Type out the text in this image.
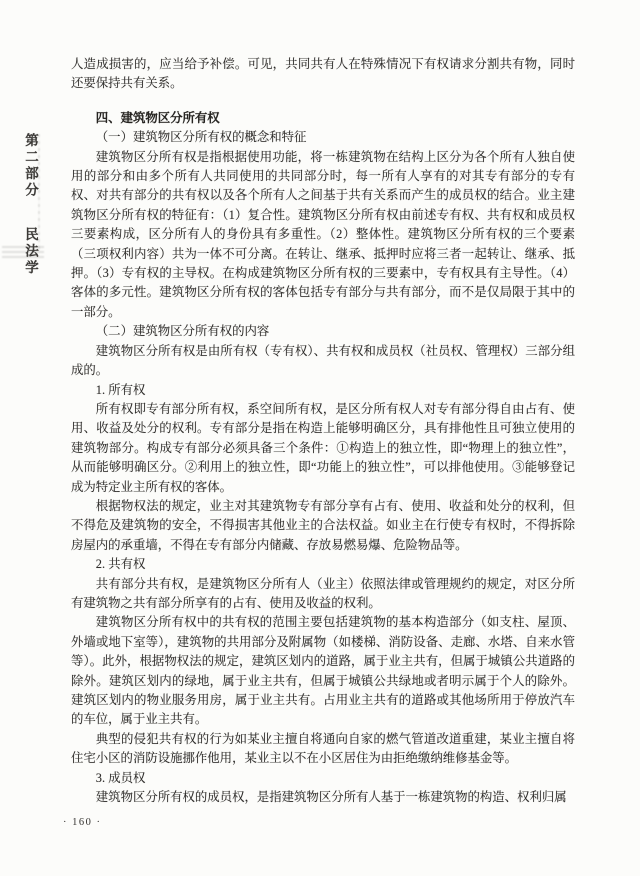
第二部分 民法学

人造成损害的，应当给予补偿。可见，共同共有人在特殊情况下有权请求分割共有物，同时还要保持共有关系。

四、建筑物区分所有权

（一）建筑物区分所有权的概念和特征

建筑物区分所有权是指根据使用功能，将一栋建筑物在结构上区分为各个所有人独自使用的部分和由多个所有人共同使用的共同部分时，每一所有人享有的对其专有部分的专有权、对共有部分的共有权以及各个所有人之间基于共有关系而产生的成员权的结合。业主建筑物区分所有权的特征有：（1）复合性。建筑物区分所有权由前述专有权、共有权和成员权三要素构成，区分所有人的身份具有多重性。（2）整体性。建筑物区分所有权的三个要素（三项权利内容）共为一体不可分离。在转让、继承、抵押时应将三者一起转让、继承、抵押。（3）专有权的主导权。在构成建筑物区分所有权的三要素中，专有权具有主导性。（4）客体的多元性。建筑物区分所有权的客体包括专有部分与共有部分，而不是仅局限于其中的一部分。

（二）建筑物区分所有权的内容

建筑物区分所有权是由所有权（专有权）、共有权和成员权（社员权、管理权）三部分组成的。

1. 所有权

所有权即专有部分所有权，系空间所有权，是区分所有权人对专有部分得自由占有、使用、收益及处分的权利。专有部分是指在构造上能够明确区分，具有排他性且可独立使用的建筑物部分。构成专有部分必须具备三个条件：①构造上的独立性，即“物理上的独立性”，从而能够明确区分。②利用上的独立性，即“功能上的独立性”，可以排他使用。③能够登记成为特定业主所有权的客体。

根据物权法的规定，业主对其建筑物专有部分享有占有、使用、收益和处分的权利，但不得危及建筑物的安全，不得损害其他业主的合法权益。如业主在行使专有权时，不得拆除房屋内的承重墙，不得在专有部分内储藏、存放易燃易爆、危险物品等。

2. 共有权

共有部分共有权，是建筑物区分所有人（业主）依照法律或管理规约的规定，对区分所有建筑物之共有部分所享有的占有、使用及收益的权利。

建筑物区分所有权中的共有权的范围主要包括建筑物的基本构造部分（如支柱、屋顶、外墙或地下室等），建筑物的共用部分及附属物（如楼梯、消防设备、走廊、水塔、自来水管等）。此外，根据物权法的规定，建筑区划内的道路，属于业主共有，但属于城镇公共道路的除外。建筑区划内的绿地，属于业主共有，但属于城镇公共绿地或者明示属于个人的除外。建筑区划内的物业服务用房，属于业主共有。占用业主共有的道路或其他场所用于停放汽车的车位，属于业主共有。

典型的侵犯共有权的行为如某业主擅自将通向自家的燃气管道改道重建，某业主擅自将住宅小区的消防设施挪作他用，某业主以不在小区居住为由拒绝缴纳维修基金等。

3. 成员权

建筑物区分所有权的成员权，是指建筑物区分所有人基于一栋建筑物的构造、权利归属

· 160 ·
